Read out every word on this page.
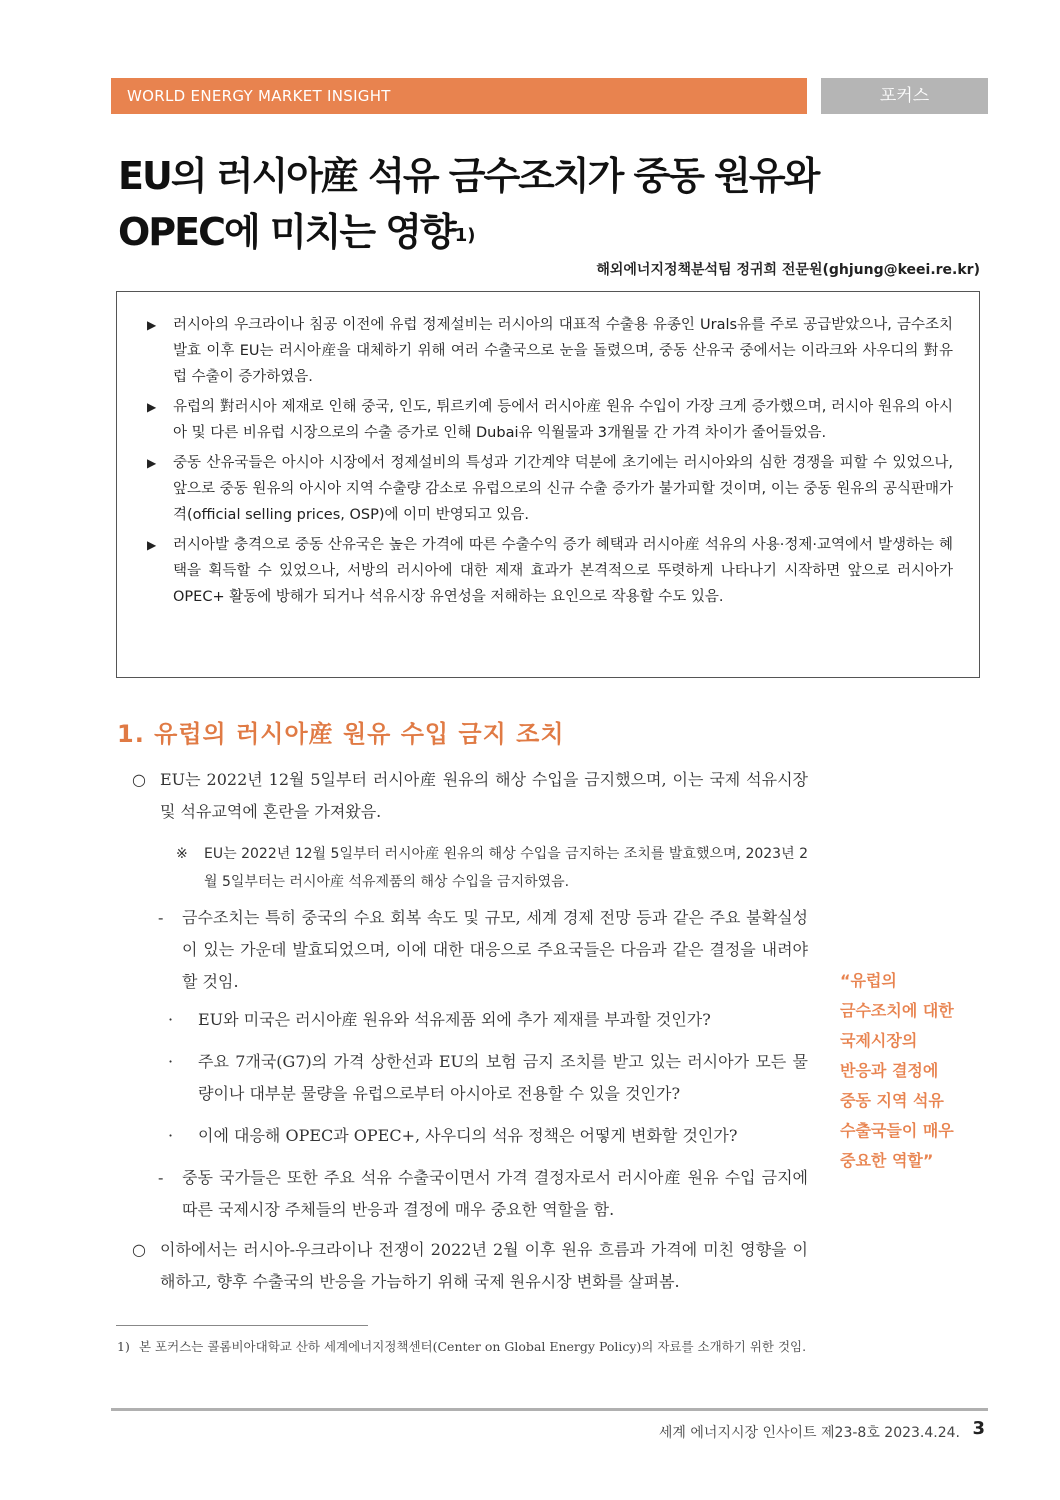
WORLD ENERGY MARKET INSIGHT	포커스
EU의 러시아産 석유 금수조치가 중동 원유와
OPEC에 미치는 영향$^{1)}$
해외에너지정책분석팀 정귀희 전문원(ghjung@keei.re.kr)
▶ 러시아의 우크라이나 침공 이전에 유럽 정제설비는 러시아의 대표적 수출용 유종인 Urals유를 주로 공급받았으나, 금수조치 발효 이후 EU는 러시아産을 대체하기 위해 여러 수출국으로 눈을 돌렸으며, 중동 산유국 중에서는 이라크와 사우디의 對유럽 수출이 증가하였음.
▶ 유럽의 對러시아 제재로 인해 중국, 인도, 튀르키예 등에서 러시아産 원유 수입이 가장 크게 증가했으며, 러시아 원유의 아시아 및 다른 비유럽 시장으로의 수출 증가로 인해 Dubai유 익월물과 3개월물 간 가격 차이가 줄어들었음.
▶ 중동 산유국들은 아시아 시장에서 정제설비의 특성과 기간계약 덕분에 초기에는 러시아와의 심한 경쟁을 피할 수 있었으나, 앞으로 중동 원유의 아시아 지역 수출량 감소로 유럽으로의 신규 수출 증가가 불가피할 것이며, 이는 중동 원유의 공식판매가격(official selling prices, OSP)에 이미 반영되고 있음.
▶ 러시아발 충격으로 중동 산유국은 높은 가격에 따른 수출수익 증가 혜택과 러시아産 석유의 사용·정제·교역에서 발생하는 혜택을 획득할 수 있었으나, 서방의 러시아에 대한 제재 효과가 본격적으로 뚜렷하게 나타나기 시작하면 앞으로 러시아가 OPEC+ 활동에 방해가 되거나 석유시장 유연성을 저해하는 요인으로 작용할 수도 있음.
1. 유럽의 러시아産 원유 수입 금지 조치
○ EU는 2022년 12월 5일부터 러시아産 원유의 해상 수입을 금지했으며, 이는 국제 석유시장 및 석유교역에 혼란을 가져왔음.
※ EU는 2022년 12월 5일부터 러시아産 원유의 해상 수입을 금지하는 조치를 발효했으며, 2023년 2월 5일부터는 러시아産 석유제품의 해상 수입을 금지하였음.
- 금수조치는 특히 중국의 수요 회복 속도 및 규모, 세계 경제 전망 등과 같은 주요 불확실성이 있는 가운데 발효되었으며, 이에 대한 대응으로 주요국들은 다음과 같은 결정을 내려야 할 것임.
· EU와 미국은 러시아産 원유와 석유제품 외에 추가 제재를 부과할 것인가?
· 주요 7개국(G7)의 가격 상한선과 EU의 보험 금지 조치를 받고 있는 러시아가 모든 물량이나 대부분 물량을 유럽으로부터 아시아로 전용할 수 있을 것인가?
· 이에 대응해 OPEC과 OPEC+, 사우디의 석유 정책은 어떻게 변화할 것인가?
- 중동 국가들은 또한 주요 석유 수출국이면서 가격 결정자로서 러시아産 원유 수입 금지에 따른 국제시장 주체들의 반응과 결정에 매우 중요한 역할을 함.
○ 이하에서는 러시아-우크라이나 전쟁이 2022년 2월 이후 원유 흐름과 가격에 미친 영향을 이해하고, 향후 수출국의 반응을 가늠하기 위해 국제 원유시장 변화를 살펴봄.
“유럽의
금수조치에 대한
국제시장의
반응과 결정에
중동 지역 석유
수출국들이 매우
중요한 역할”
1) 본 포커스는 콜롬비아대학교 산하 세계에너지정책센터(Center on Global Energy Policy)의 자료를 소개하기 위한 것임.
세계 에너지시장 인사이트 제23-8호 2023.4.24. 3
